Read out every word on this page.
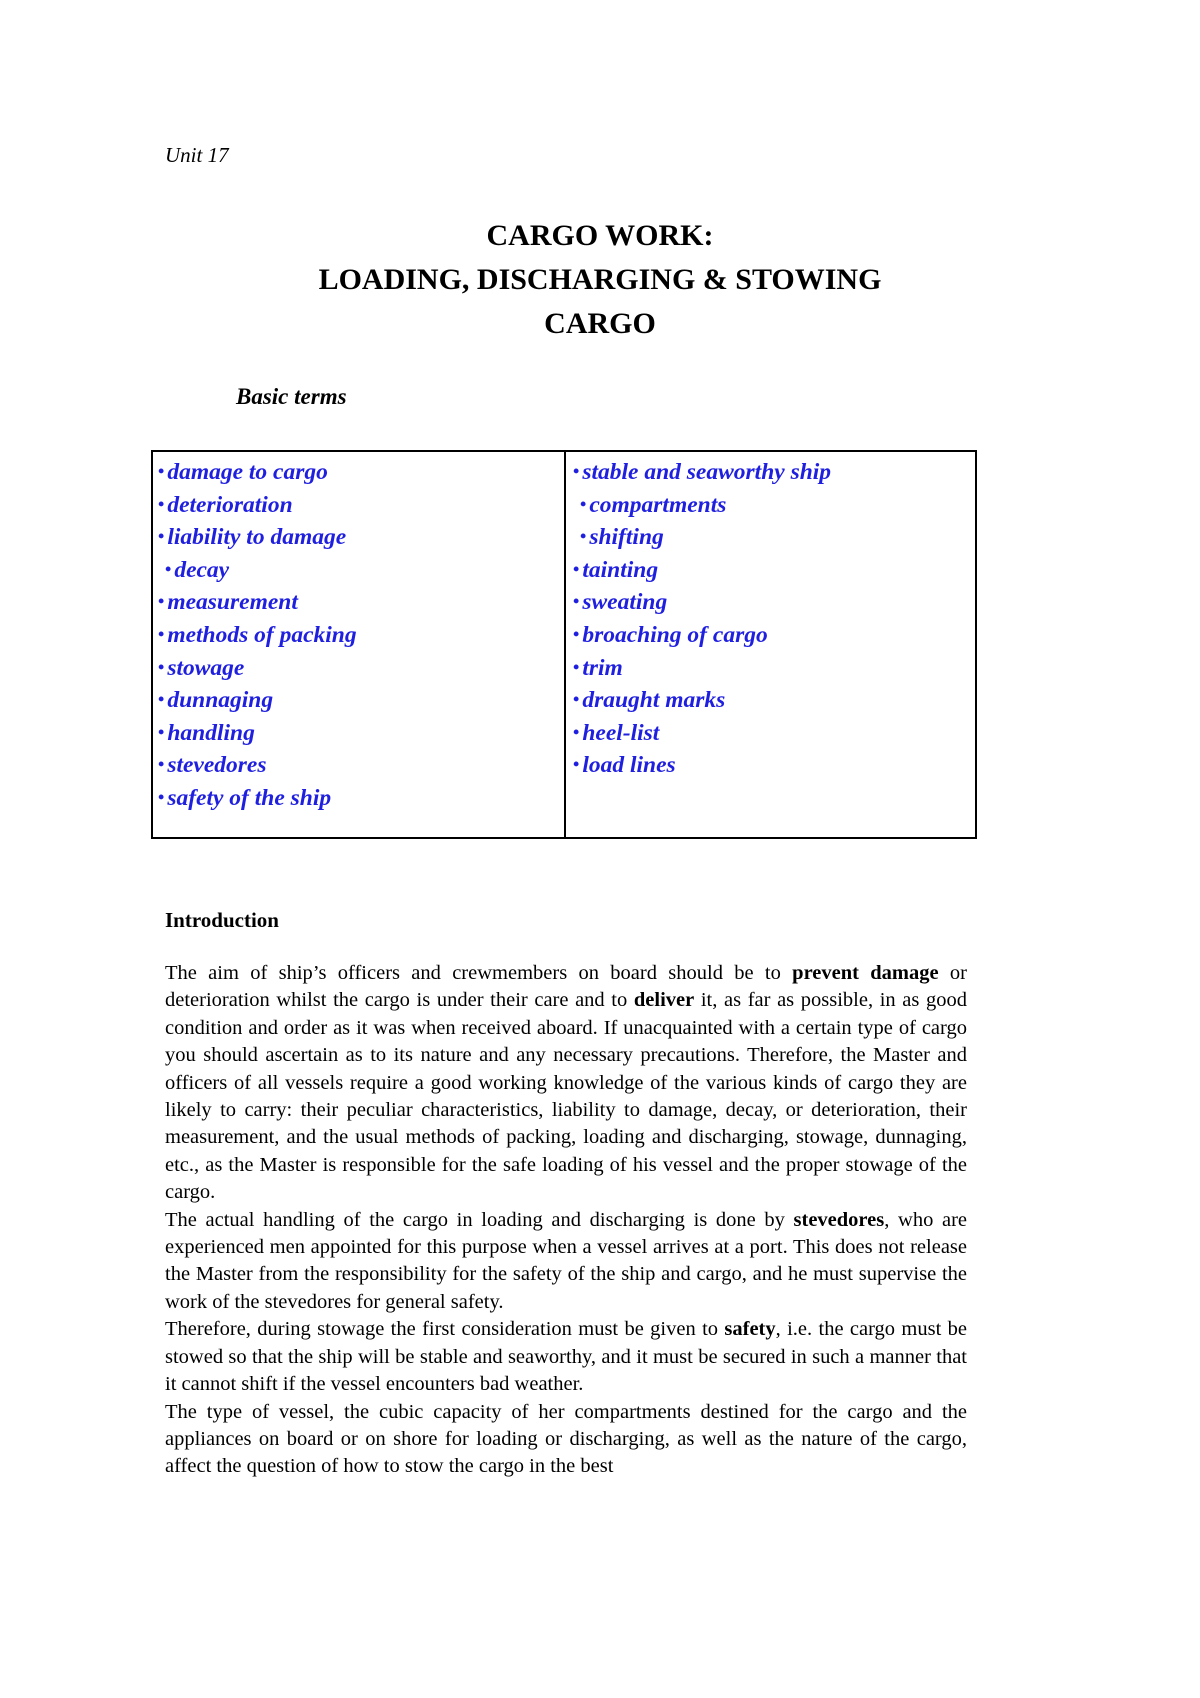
Unit 17
CARGO WORK:
LOADING, DISCHARGING & STOWING
CARGO
Basic terms
• damage to cargo
• deterioration
• liability to damage
• decay
• measurement
• methods of packing
• stowage
• dunnaging
• handling
• stevedores
• safety of the ship
• stable and seaworthy ship
• compartments
• shifting
• tainting
• sweating
• broaching of cargo
• trim
• draught marks
• heel-list
• load lines
Introduction

The aim of ship’s officers and crewmembers on board should be to prevent damage or deterioration whilst the cargo is under their care and to deliver it, as far as possible, in as good condition and order as it was when received aboard. If unacquainted with a certain type of cargo you should ascertain as to its nature and any necessary precautions. Therefore, the Master and officers of all vessels require a good working knowledge of the various kinds of cargo they are likely to carry: their peculiar characteristics, liability to damage, decay, or deterioration, their measurement, and the usual methods of packing, loading and discharging, stowage, dunnaging, etc., as the Master is responsible for the safe loading of his vessel and the proper stowage of the cargo.

The actual handling of the cargo in loading and discharging is done by stevedores, who are experienced men appointed for this purpose when a vessel arrives at a port. This does not release the Master from the responsibility for the safety of the ship and cargo, and he must supervise the work of the stevedores for general safety.

Therefore, during stowage the first consideration must be given to safety, i.e. the cargo must be stowed so that the ship will be stable and seaworthy, and it must be secured in such a manner that it cannot shift if the vessel encounters bad weather.

The type of vessel, the cubic capacity of her compartments destined for the cargo and the appliances on board or on shore for loading or discharging, as well as the nature of the cargo, affect the question of how to stow the cargo in the best
